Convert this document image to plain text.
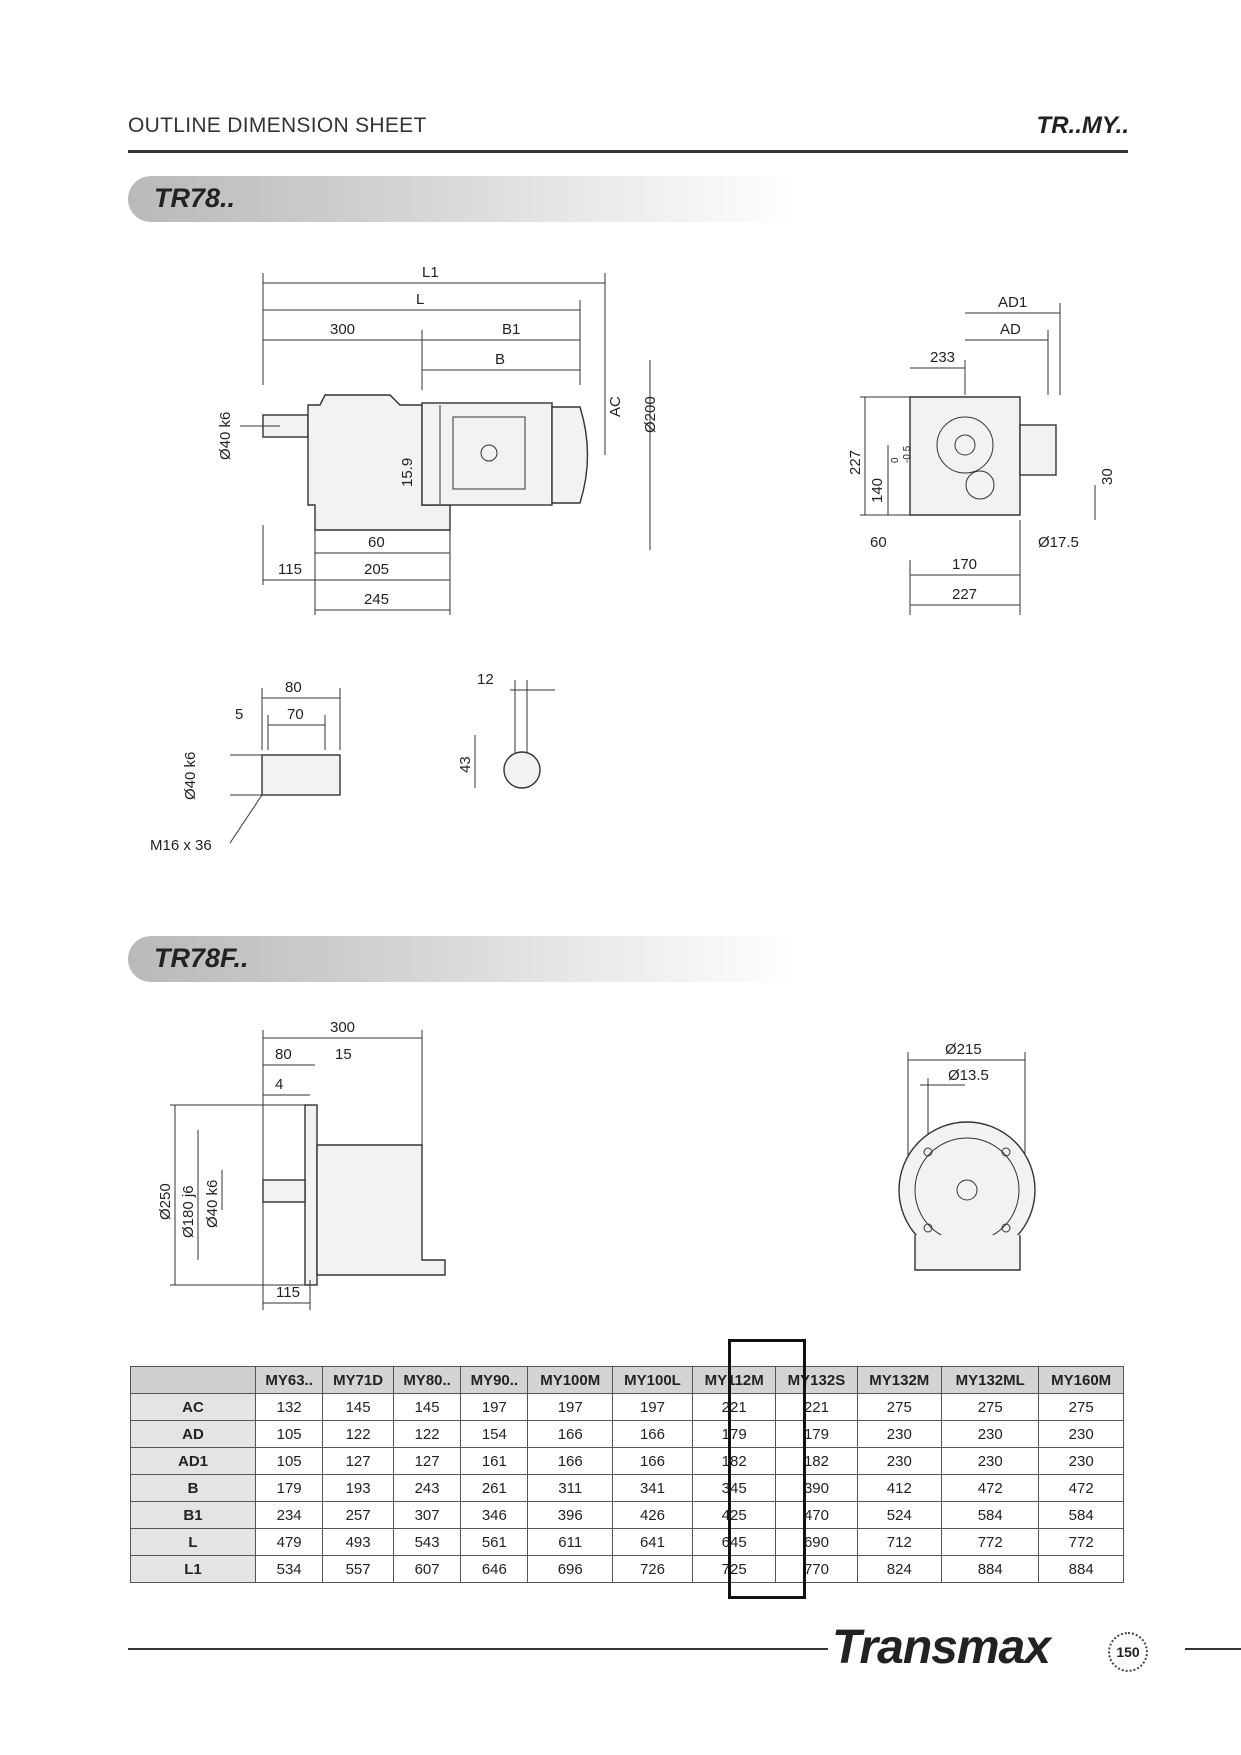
OUTLINE DIMENSION SHEET	TR..MY..
TR78..
L1
L
300	B1
B
Ø40 k6
15.9
AC Ø200
60
115	205
245
AD1
AD
233
227
140
0 -0.5
30
60	Ø17.5
170
227
80
5	70
Ø40 k6
M16 x 36
12
43
TR78F..
300
80	15
4
Ø250 Ø180 j6 Ø40 k6
115
Ø215
Ø13.5
	MY63..	MY71D	MY80..	MY90..	MY100M	MY100L	MY112M	MY132S	MY132M	MY132ML	MY160M
AC	132	145	145	197	197	197	221	221	275	275	275
AD	105	122	122	154	166	166	179	179	230	230	230
AD1	105	127	127	161	166	166	182	182	230	230	230
B	179	193	243	261	311	341	345	390	412	472	472
B1	234	257	307	346	396	426	425	470	524	584	584
L	479	493	543	561	611	641	645	690	712	772	772
L1	534	557	607	646	696	726	725	770	824	884	884
Transmax	150
